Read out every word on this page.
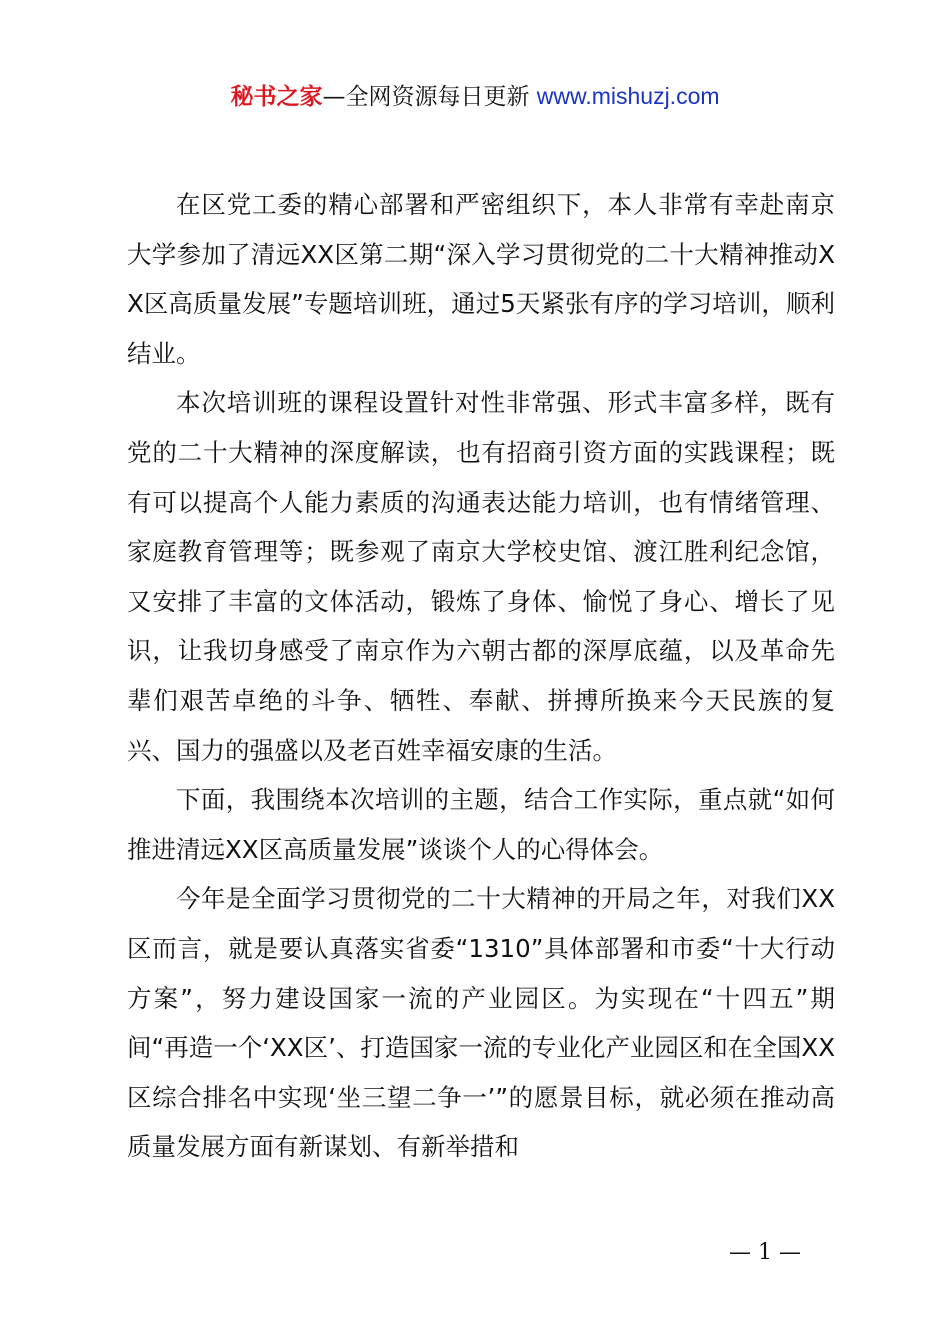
秘书之家—全网资源每日更新 www.mishuzj.com

在区党工委的精心部署和严密组织下，本人非常有幸赴南京大学参加了清远XX区第二期“深入学习贯彻党的二十大精神推动XX区高质量发展”专题培训班，通过5天紧张有序的学习培训，顺利结业。

本次培训班的课程设置针对性非常强、形式丰富多样，既有党的二十大精神的深度解读，也有招商引资方面的实践课程；既有可以提高个人能力素质的沟通表达能力培训，也有情绪管理、家庭教育管理等；既参观了南京大学校史馆、渡江胜利纪念馆，又安排了丰富的文体活动，锻炼了身体、愉悦了身心、增长了见识，让我切身感受了南京作为六朝古都的深厚底蕴，以及革命先辈们艰苦卓绝的斗争、牺牲、奉献、拼搏所换来今天民族的复兴、国力的强盛以及老百姓幸福安康的生活。

下面，我围绕本次培训的主题，结合工作实际，重点就“如何推进清远XX区高质量发展”谈谈个人的心得体会。

今年是全面学习贯彻党的二十大精神的开局之年，对我们XX区而言，就是要认真落实省委“1310”具体部署和市委“十大行动方案”，努力建设国家一流的产业园区。为实现在“十四五”期间“再造一个‘XX区’、打造国家一流的专业化产业园区和在全国XX区综合排名中实现‘坐三望二争一’”的愿景目标，就必须在推动高质量发展方面有新谋划、有新举措和

— 1 —
